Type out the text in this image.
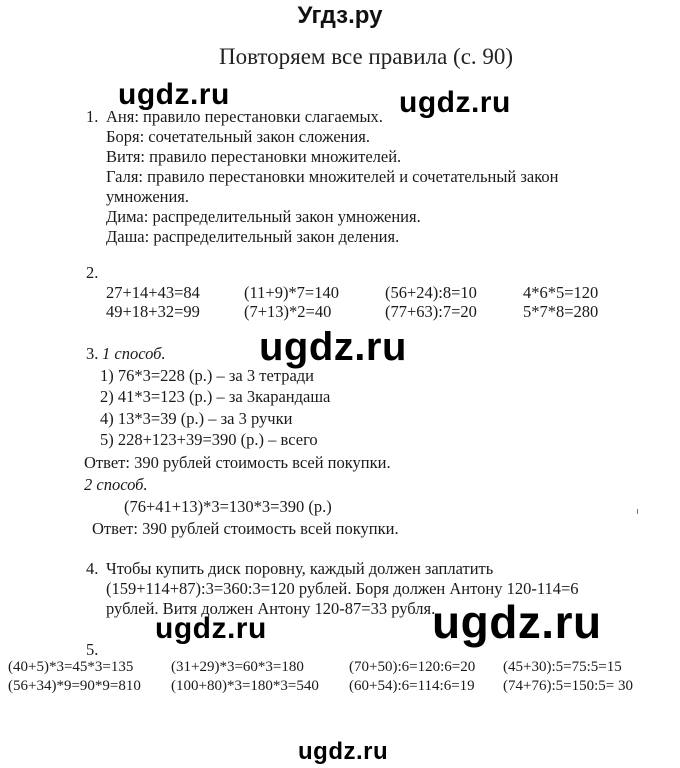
Угдз.ру
Повторяем все правила (с. 90)
ugdz.ru	ugdz.ru
ugdz.ru
ugdz.ru	ugdz.ru
ugdz.ru
1. Аня: правило перестановки слагаемых.
Боря: сочетательный закон сложения.
Витя: правило перестановки множителей.
Галя: правило перестановки множителей и сочетательный закон
умножения.
Дима: распределительный закон умножения.
Даша: распределительный закон деления.
2.
27+14+43=84	(11+9)*7=140	(56+24):8=10	4*6*5=120
49+18+32=99	(7+13)*2=40	(77+63):7=20	5*7*8=280
3. 1 способ.
1) 76*3=228 (р.) – за 3 тетради
2) 41*3=123 (р.) – за 3карандаша
4) 13*3=39 (р.) – за 3 ручки
5) 228+123+39=390 (р.) – всего
Ответ: 390 рублей стоимость всей покупки.
2 способ.
(76+41+13)*3=130*3=390 (р.)
Ответ: 390 рублей стоимость всей покупки.
4. Чтобы купить диск поровну, каждый должен заплатить
(159+114+87):3=360:3=120 рублей. Боря должен Антону 120-114=6
рублей. Витя должен Антону 120-87=33 рубля.
5.
(40+5)*3=45*3=135	(31+29)*3=60*3=180	(70+50):6=120:6=20 (45+30):5=75:5=15
(56+34)*9=90*9=810 (100+80)*3=180*3=540 (60+54):6=114:6=19 (74+76):5=150:5= 30
